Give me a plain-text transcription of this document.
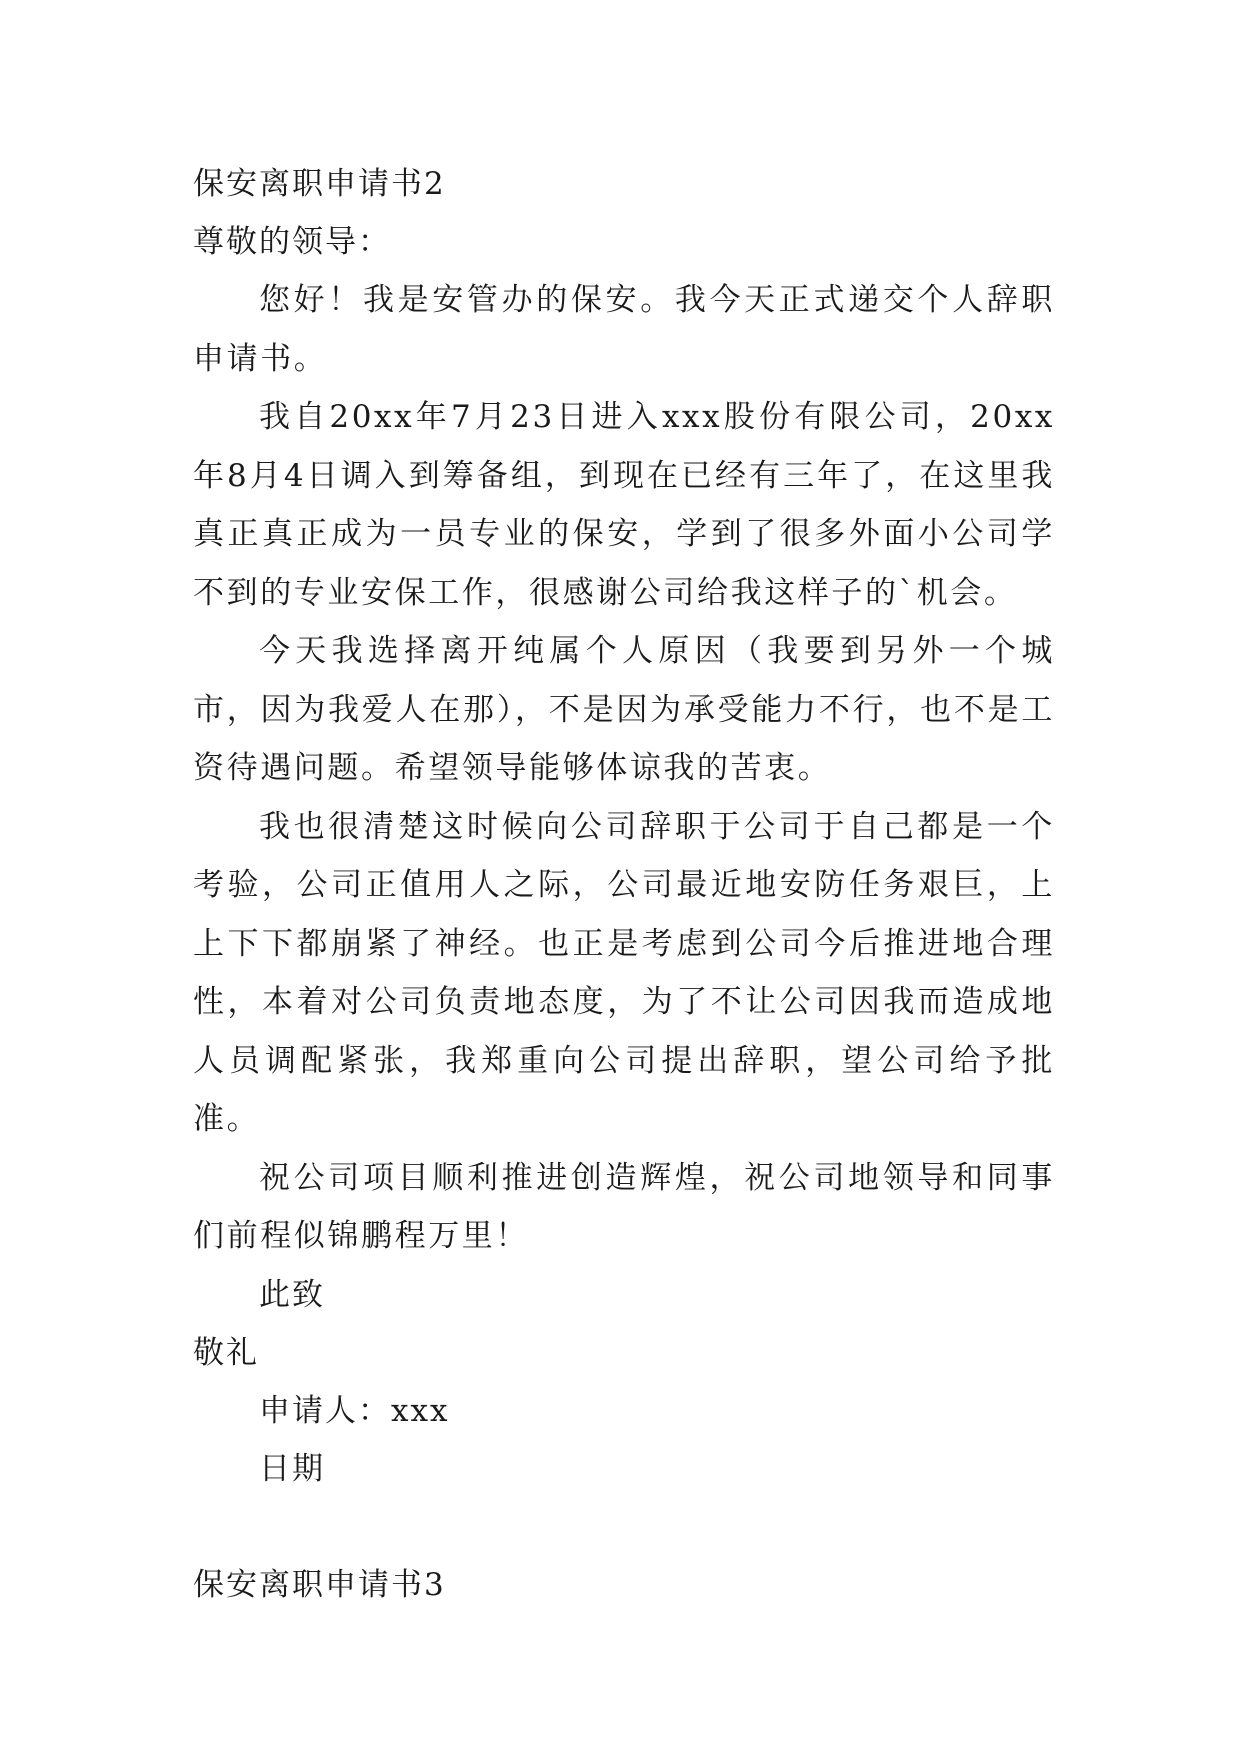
保安离职申请书2
尊敬的领导：

您好！我是安管办的保安。我今天正式递交个人辞职申请书。

我自20xx年7月23日进入xxx股份有限公司，20xx年8月4日调入到筹备组，到现在已经有三年了，在这里我真正真正成为一员专业的保安，学到了很多外面小公司学不到的专业安保工作，很感谢公司给我这样子的`机会。

今天我选择离开纯属个人原因（我要到另外一个城市，因为我爱人在那），不是因为承受能力不行，也不是工资待遇问题。希望领导能够体谅我的苦衷。

我也很清楚这时候向公司辞职于公司于自己都是一个考验，公司正值用人之际，公司最近地安防任务艰巨，上上下下都崩紧了神经。也正是考虑到公司今后推进地合理性，本着对公司负责地态度，为了不让公司因我而造成地人员调配紧张，我郑重向公司提出辞职，望公司给予批准。

祝公司项目顺利推进创造辉煌，祝公司地领导和同事们前程似锦鹏程万里！

此致
敬礼
申请人：xxx
日期
保安离职申请书3
